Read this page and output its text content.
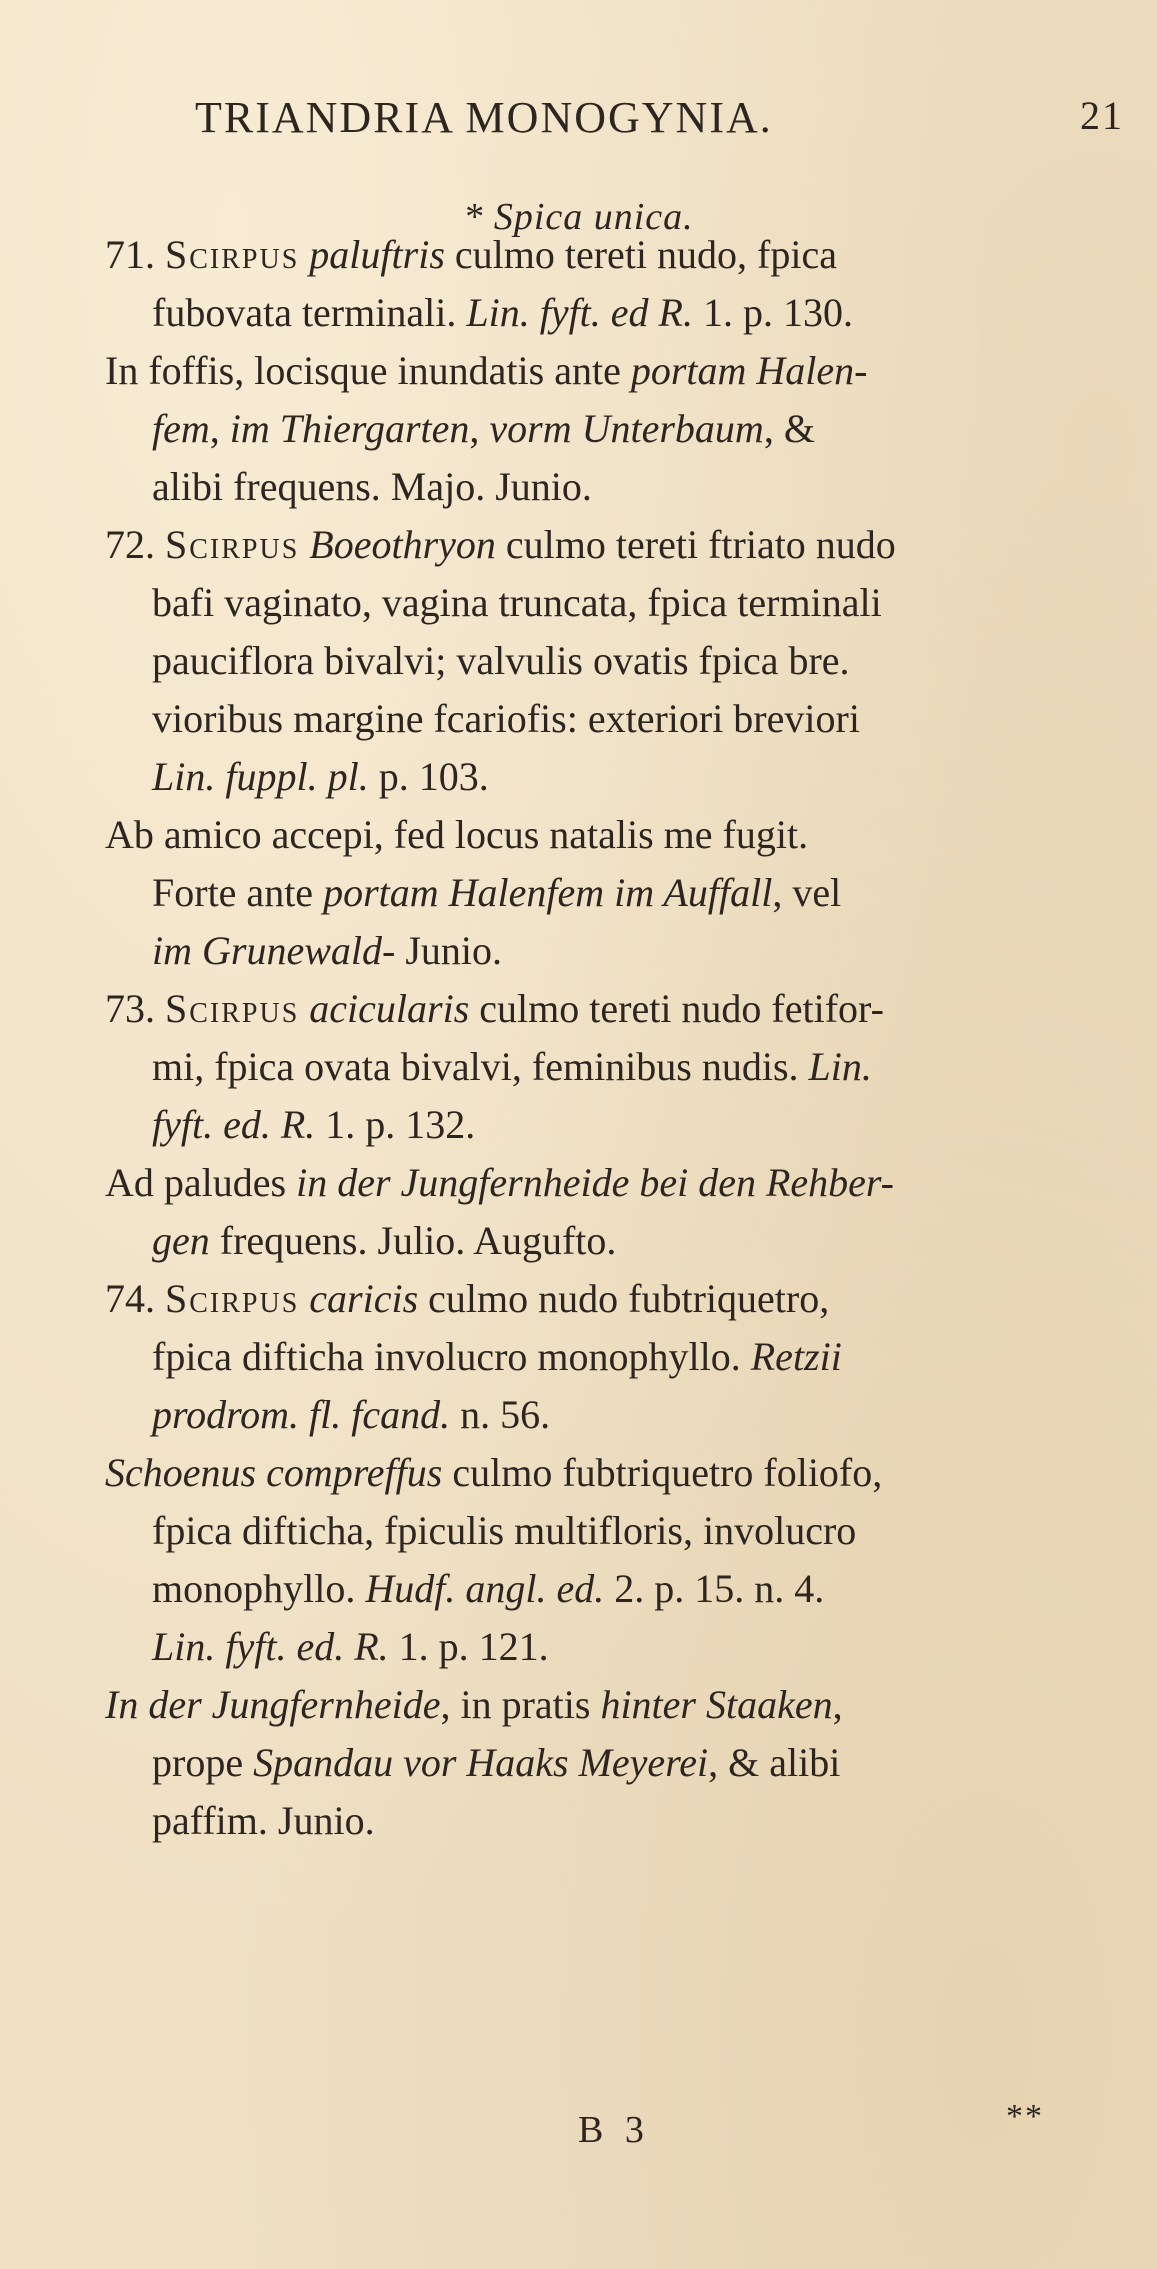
TRIANDRIA MONOGYNIA.	21
* Spica unica.
71. Scirpus paluftris culmo tereti nudo, fpica
fubovata terminali. Lin. fyft. ed R. 1. p. 130.
In foffis, locisque inundatis ante portam Halen-
fem, im Thiergarten, vorm Unterbaum, &
alibi frequens. Majo. Junio.
72. Scirpus Boeothryon culmo tereti ftriato nudo
bafi vaginato, vagina truncata, fpica terminali
pauciflora bivalvi; valvulis ovatis fpica bre.
vioribus margine fcariofis: exteriori breviori
Lin. fuppl. pl. p. 103.
Ab amico accepi, fed locus natalis me fugit.
Forte ante portam Halenfem im Auffall, vel
im Grunewald- Junio.
73. Scirpus acicularis culmo tereti nudo fetifor-
mi, fpica ovata bivalvi, feminibus nudis. Lin.
fyft. ed. R. 1. p. 132.
Ad paludes in der Jungfernheide bei den Rehber-
gen frequens. Julio. Augufto.
74. Scirpus caricis culmo nudo fubtriquetro,
fpica difticha involucro monophyllo. Retzii
prodrom. fl. fcand. n. 56.
Schoenus compreffus culmo fubtriquetro foliofo,
fpica difticha, fpiculis multifloris, involucro
monophyllo. Hudf. angl. ed. 2. p. 15. n. 4.
Lin. fyft. ed. R. 1. p. 121.
In der Jungfernheide, in pratis hinter Staaken,
prope Spandau vor Haaks Meyerei, & alibi
paffim. Junio.
B 3	**
